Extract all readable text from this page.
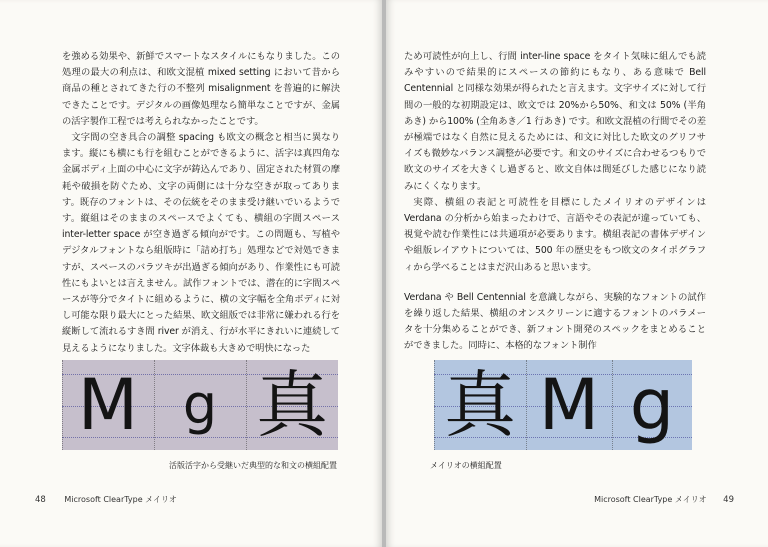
を強める効果や、新鮮でスマートなスタイルにもなりました。この処理の最大の利点は、和欧文混植 mixed setting において昔から商品の種とされてきた行の不整列 misalignment を普遍的に解決できたことです。デジタルの画像処理なら簡単なことですが、金属の活字製作工程では考えられなかったことです。

文字間の空き具合の調整 spacing も欧文の概念と相当に異なります。縦にも横にも行を組むことができるように、活字は真四角な金属ボディ上面の中心に文字が鋳込んであり、固定された材質の摩耗や破損を防ぐため、文字の両側には十分な空きが取ってあります。既存のフォントは、その伝統をそのまま受け継いでいるようです。縦組はそのままのスペースでよくても、横組の字間スペース inter-letter space が空き過ぎる傾向がです。この問題も、写植やデジタルフォントなら組版時に「詰め打ち」処理などで対処できますが、スペースのバラツキが出過ぎる傾向があり、作業性にも可読性にもよいとは言えません。試作フォントでは、潜在的に字間スペースが等分でタイトに組めるように、横の文字幅を全角ボディに対し可能な限り最大にとった結果、欧文組版では非常に嫌われる行を縦断して流れるすき間 river が消え、行が水平にきれいに連続して見えるようになりました。文字体裁も大きめで明快になった

M g 真
活版活字から受継いだ典型的な和文の横組配置
48 Microsoft ClearType メイリオ

ため可読性が向上し、行間 inter-line space をタイト気味に組んでも読みやすいので結果的にスペースの節約にもなり、ある意味で Bell Centennial と同様な効果が得られたと言えます。文字サイズに対して行間の一般的な初期設定は、欧文では 20%から50%、和文は 50% (半角あき) から100% (全角あき／1 行あき) です。和欧文混植の行間でその差が極端ではなく自然に見えるためには、和文に対比した欧文のグリフサイズも微妙なバランス調整が必要です。和文のサイズに合わせるつもりで欧文のサイズを大きくし過ぎると、欧文自体は間延びした感じになり読みにくくなります。

実際、横組の表記と可読性を目標にしたメイリオのデザインは Verdana の分析から始まったわけで、言語やその表記が違っていても、視覚や読む作業性には共通項が必要あります。横組表記の書体デザインや組版レイアウトについては、500 年の歴史をもつ欧文のタイポグラフィから学べることはまだ沢山あると思います。

Verdana や Bell Centennial を意識しながら、実験的なフォントの試作を繰り返した結果、横組のオンスクリーンに適するフォントのパラメータを十分集めることができ、新フォント開発のスペックをまとめることができました。同時に、本格的なフォント制作

真 M g
メイリオの横組配置
Microsoft ClearType メイリオ 49
